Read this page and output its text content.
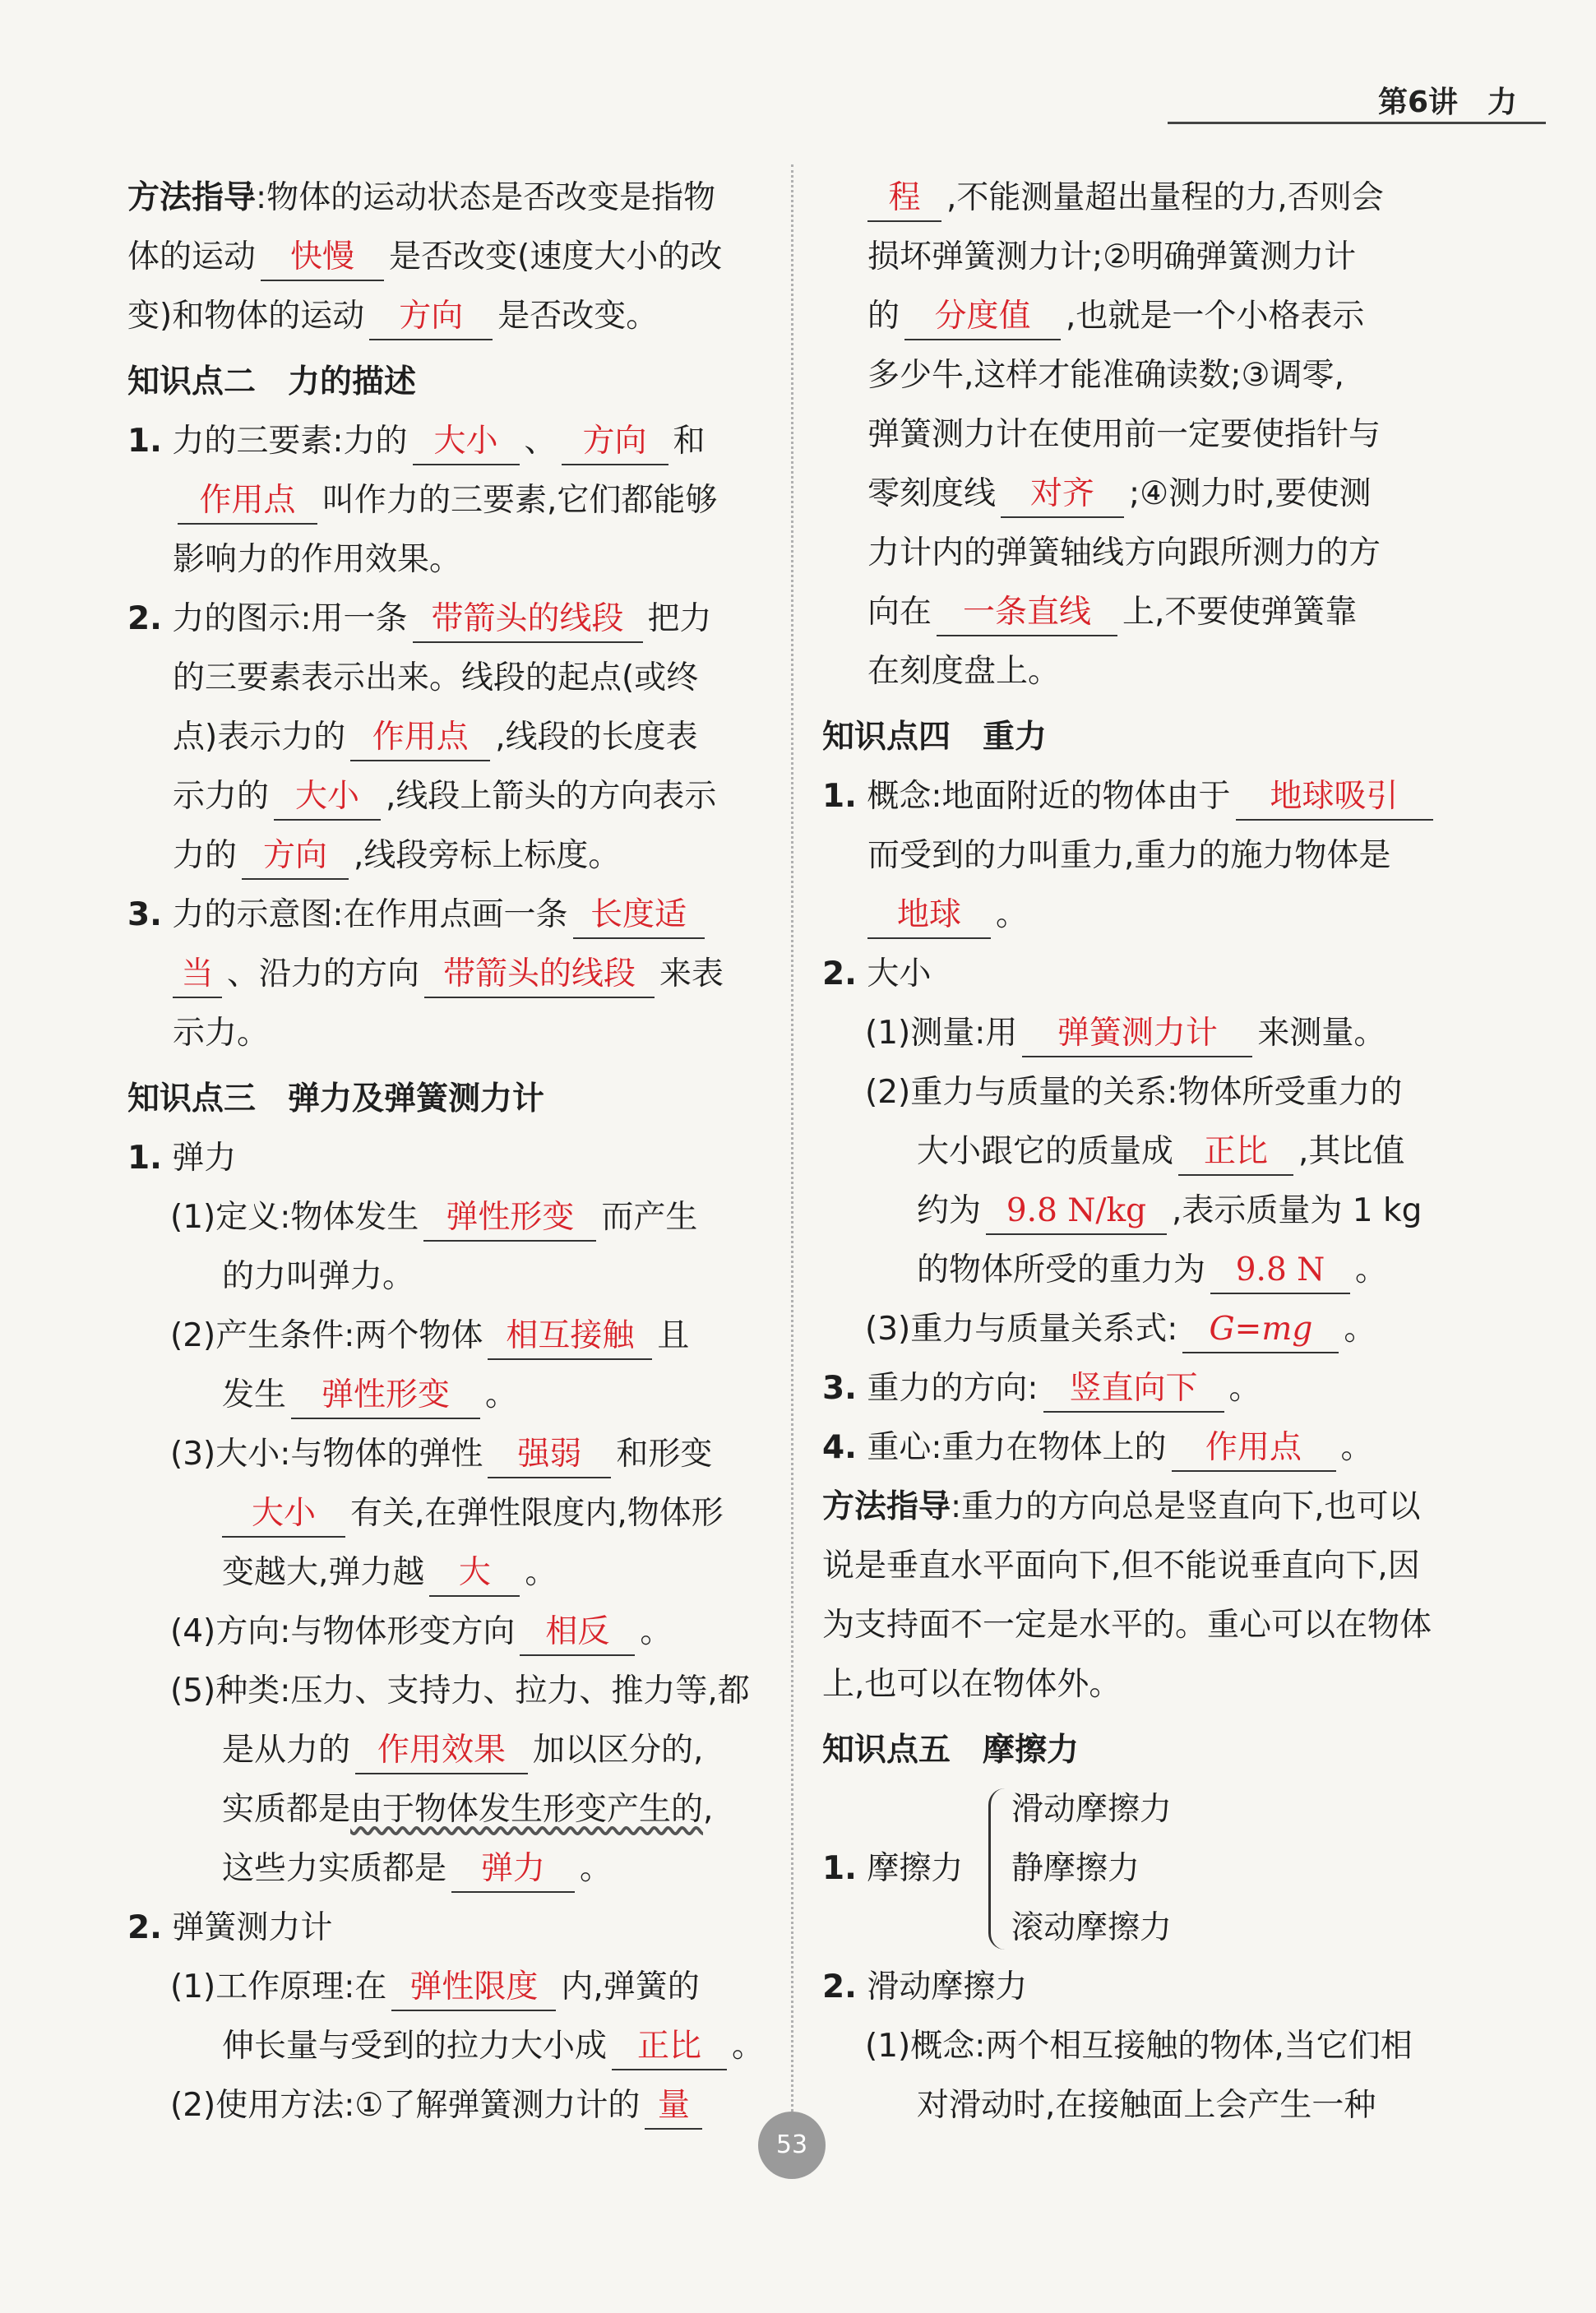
第6讲　力
方法指导:物体的运动状态是否改变是指物
体的运动 快慢 是否改变(速度大小的改
变)和物体的运动 方向 是否改变。
知识点二　力的描述
1. 力的三要素:力的 大小 、 方向 和
作用点 叫作力的三要素,它们都能够
影响力的作用效果。
2. 力的图示:用一条 带箭头的线段 把力
的三要素表示出来。线段的起点(或终
点)表示力的 作用点 ,线段的长度表
示力的 大小 ,线段上箭头的方向表示
力的 方向 ,线段旁标上标度。
3. 力的示意图:在作用点画一条 长度适
当 、沿力的方向 带箭头的线段 来表
示力。
知识点三　弹力及弹簧测力计
1. 弹力
(1)定义:物体发生 弹性形变 而产生
的力叫弹力。
(2)产生条件:两个物体 相互接触 且
发生 弹性形变 。
(3)大小:与物体的弹性 强弱 和形变
大小 有关,在弹性限度内,物体形
变越大,弹力越 大 。
(4)方向:与物体形变方向 相反 。
(5)种类:压力、支持力、拉力、推力等,都
是从力的 作用效果 加以区分的,
实质都是由于物体发生形变产生的,
这些力实质都是 弹力 。
2. 弹簧测力计
(1)工作原理:在 弹性限度 内,弹簧的
伸长量与受到的拉力大小成 正比 。
(2)使用方法:①了解弹簧测力计的 量
程 ,不能测量超出量程的力,否则会
损坏弹簧测力计;②明确弹簧测力计
的 分度值 ,也就是一个小格表示
多少牛,这样才能准确读数;③调零,
弹簧测力计在使用前一定要使指针与
零刻度线 对齐 ;④测力时,要使测
力计内的弹簧轴线方向跟所测力的方
向在 一条直线 上,不要使弹簧靠
在刻度盘上。
知识点四　重力
1. 概念:地面附近的物体由于 地球吸引
而受到的力叫重力,重力的施力物体是
地球 。
2. 大小
(1)测量:用 弹簧测力计 来测量。
(2)重力与质量的关系:物体所受重力的
大小跟它的质量成 正比 ,其比值
约为 9.8 N/kg ,表示质量为 1 kg
的物体所受的重力为 9.8 N 。
(3)重力与质量关系式: G=mg 。
3. 重力的方向: 竖直向下 。
4. 重心:重力在物体上的 作用点 。
方法指导:重力的方向总是竖直向下,也可以
说是垂直水平面向下,但不能说垂直向下,因
为支持面不一定是水平的。重心可以在物体
上,也可以在物体外。
知识点五　摩擦力
1. 摩擦力
滑动摩擦力
静摩擦力
滚动摩擦力
2. 滑动摩擦力
(1)概念:两个相互接触的物体,当它们相
对滑动时,在接触面上会产生一种
53
